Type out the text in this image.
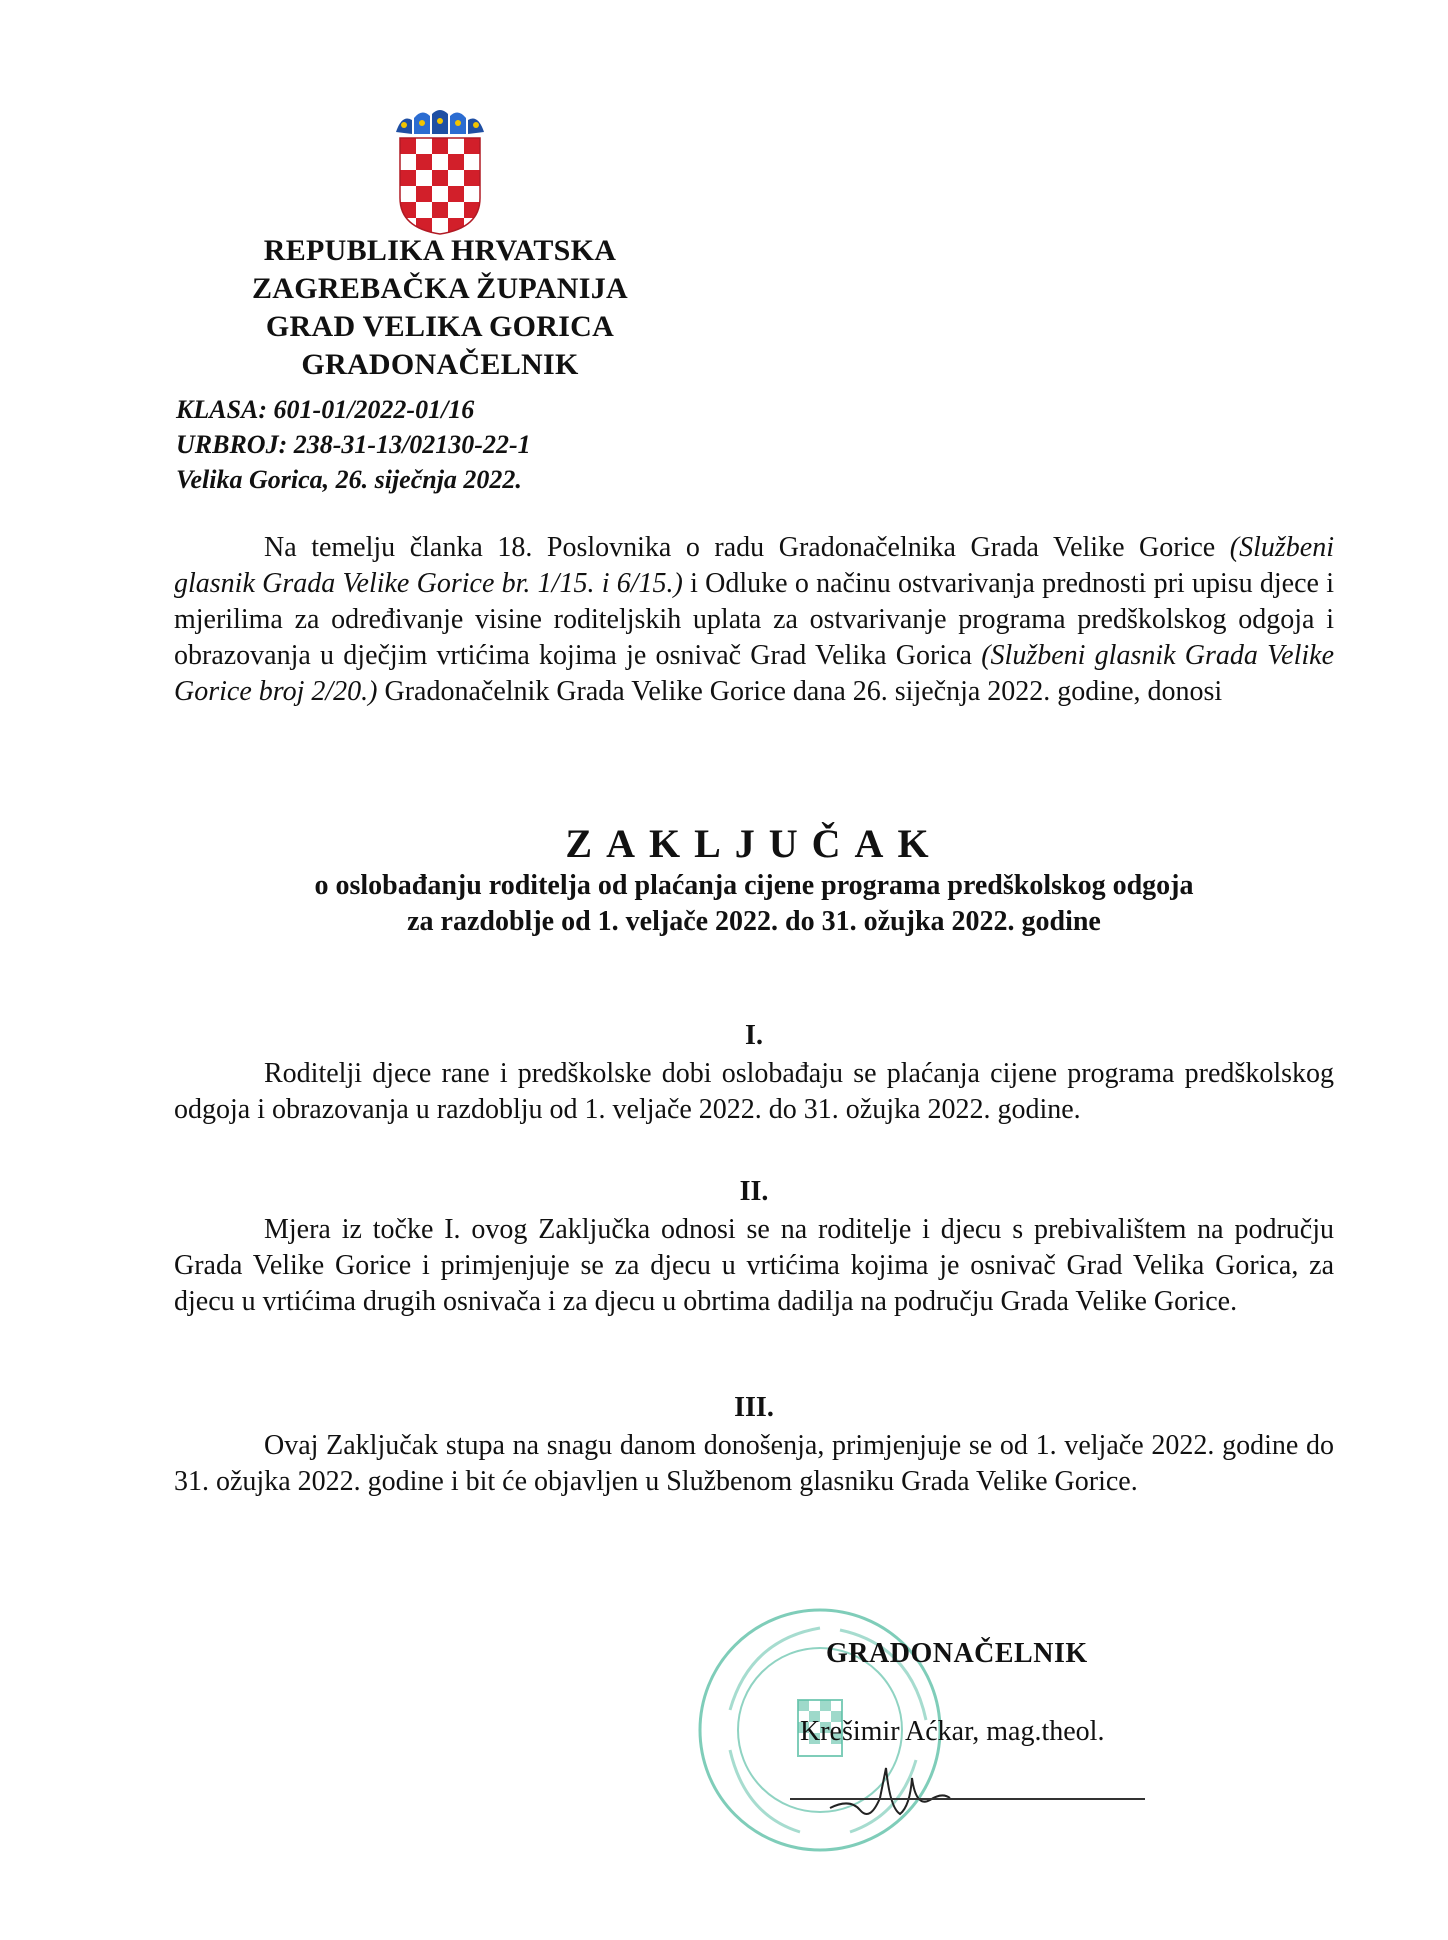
REPUBLIKA HRVATSKA
ZAGREBAČKA ŽUPANIJA
GRAD VELIKA GORICA
GRADONAČELNIK
KLASA: 601-01/2022-01/16
URBROJ: 238-31-13/02130-22-1
Velika Gorica, 26. siječnja 2022.
Na temelju članka 18. Poslovnika o radu Gradonačelnika Grada Velike Gorice (Službeni glasnik Grada Velike Gorice br. 1/15. i 6/15.) i Odluke o načinu ostvarivanja prednosti pri upisu djece i mjerilima za određivanje visine roditeljskih uplata za ostvarivanje programa predškolskog odgoja i obrazovanja u dječjim vrtićima kojima je osnivač Grad Velika Gorica (Službeni glasnik Grada Velike Gorice broj 2/20.) Gradonačelnik Grada Velike Gorice dana 26. siječnja 2022. godine, donosi
ZAKLJUČAK
o oslobađanju roditelja od plaćanja cijene programa predškolskog odgoja
za razdoblje od 1. veljače 2022. do 31. ožujka 2022. godine
I.
Roditelji djece rane i predškolske dobi oslobađaju se plaćanja cijene programa predškolskog odgoja i obrazovanja u razdoblju od 1. veljače 2022. do 31. ožujka 2022. godine.
II.
Mjera iz točke I. ovog Zaključka odnosi se na roditelje i djecu s prebivalištem na području Grada Velike Gorice i primjenjuje se za djecu u vrtićima kojima je osnivač Grad Velika Gorica, za djecu u vrtićima drugih osnivača i za djecu u obrtima dadilja na području Grada Velike Gorice.
III.
Ovaj Zaključak stupa na snagu danom donošenja, primjenjuje se od 1. veljače 2022. godine do 31. ožujka 2022. godine i bit će objavljen u Službenom glasniku Grada Velike Gorice.
GRADONAČELNIK
Krešimir Aćkar, mag.theol.
